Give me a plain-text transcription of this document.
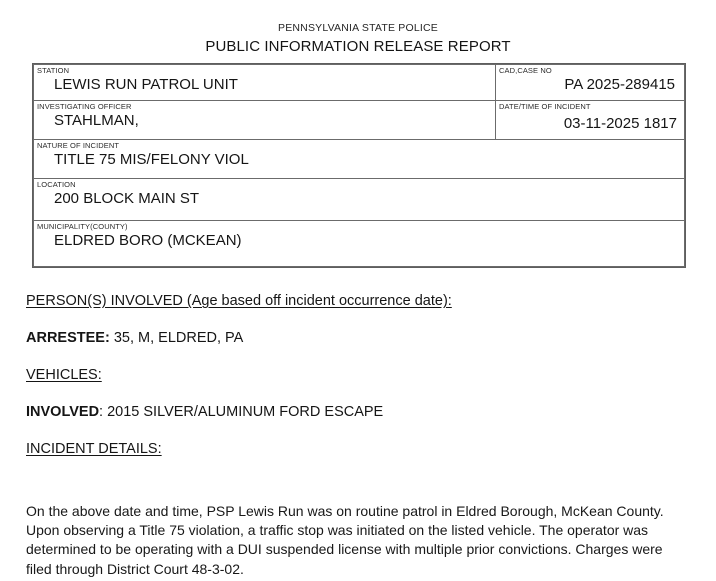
PENNSYLVANIA STATE POLICE
PUBLIC INFORMATION RELEASE REPORT
STATION
LEWIS RUN PATROL UNIT

CAD,CASE NO
PA 2025-289415

INVESTIGATING OFFICER
STAHLMAN,

DATE/TIME OF INCIDENT
03-11-2025 1817

NATURE OF INCIDENT
TITLE 75 MIS/FELONY VIOL	

LOCATION
200 BLOCK MAIN ST	

MUNICIPALITY(COUNTY)
ELDRED BORO (MCKEAN)	
PERSON(S) INVOLVED (Age based off incident occurrence date):
ARRESTEE: 35, M, ELDRED, PA
VEHICLES:
INVOLVED: 2015 SILVER/ALUMINUM FORD ESCAPE
INCIDENT DETAILS:
On the above date and time, PSP Lewis Run was on routine patrol in Eldred Borough, McKean County. Upon observing a Title 75 violation, a traffic stop was initiated on the listed vehicle. The operator was determined to be operating with a DUI suspended license with multiple prior convictions. Charges were filed through District Court 48-3-02.
